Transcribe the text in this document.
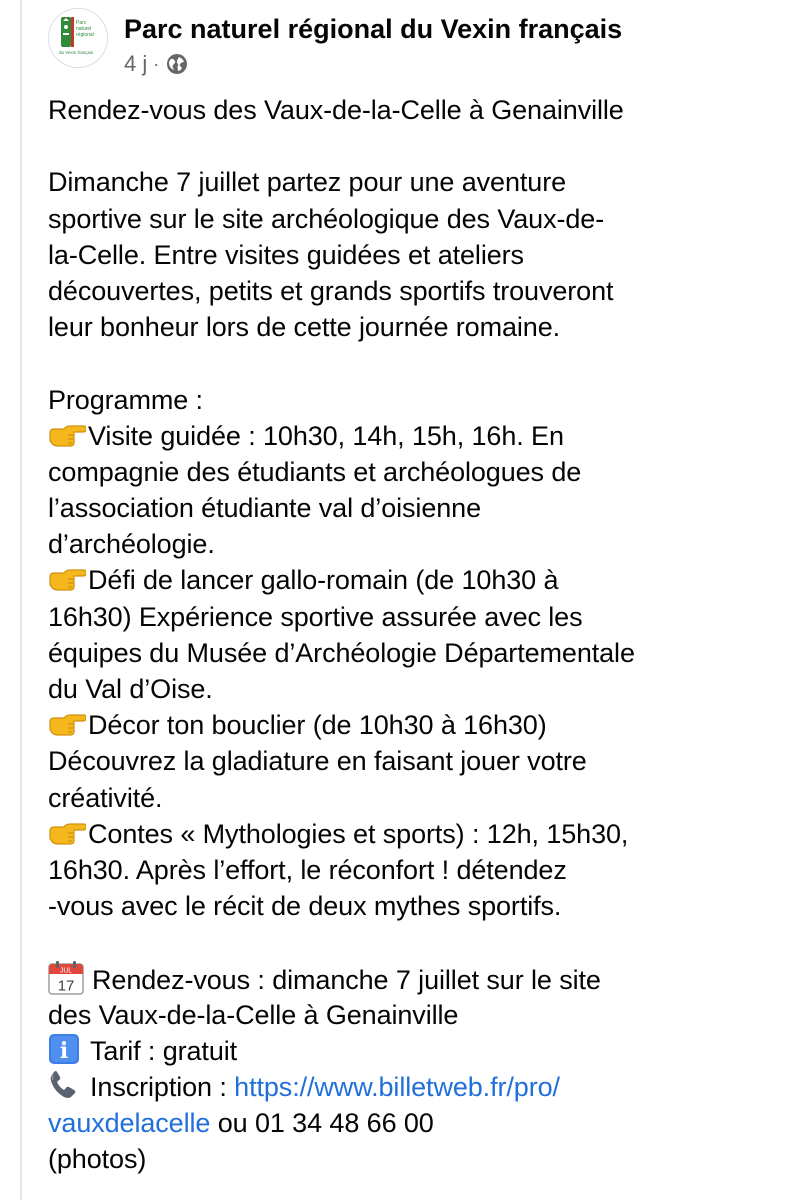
Parc
naturel
régional
du Vexin français
Parc naturel régional du Vexin français
4 j ·
Rendez-vous des Vaux-de-la-Celle à Genainville
Dimanche 7 juillet partez pour une aventure
sportive sur le site archéologique des Vaux-de-
la-Celle. Entre visites guidées et ateliers
découvertes, petits et grands sportifs trouveront
leur bonheur lors de cette journée romaine.
Programme :
Visite guidée : 10h30, 14h, 15h, 16h. En
compagnie des étudiants et archéologues de
l’association étudiante val d’oisienne
d’archéologie.
Défi de lancer gallo-romain (de 10h30 à
16h30) Expérience sportive assurée avec les
équipes du Musée d’Archéologie Départementale
du Val d’Oise.
Décor ton bouclier (de 10h30 à 16h30)
Découvrez la gladiature en faisant jouer votre
créativité.
Contes « Mythologies et sports) : 12h, 15h30,
16h30. Après l’effort, le réconfort ! détendez
-vous avec le récit de deux mythes sportifs.
JUL
17 Rendez-vous : dimanche 7 juillet sur le site
des Vaux-de-la-Celle à Genainville
i Tarif : gratuit
Inscription : https://www.billetweb.fr/pro/
vauxdelacelle ou 01 34 48 66 00
(photos)
